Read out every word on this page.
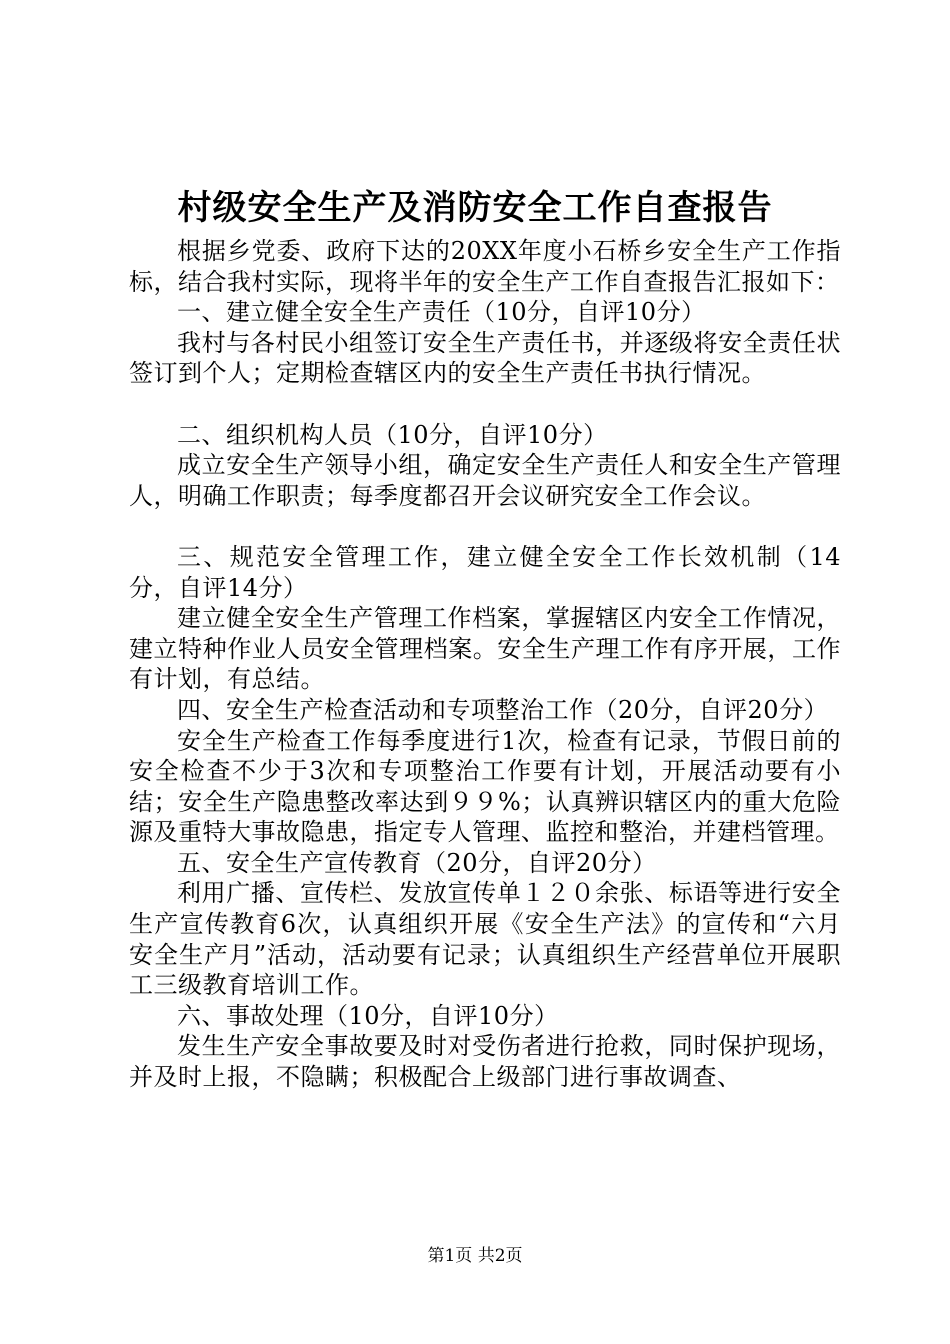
村级安全生产及消防安全工作自查报告

根据乡党委、政府下达的20XX年度小石桥乡安全生产工作指标，结合我村实际，现将半年的安全生产工作自查报告汇报如下：

一、建立健全安全生产责任（10分，自评10分）

我村与各村民小组签订安全生产责任书，并逐级将安全责任状签订到个人；定期检查辖区内的安全生产责任书执行情况。

二、组织机构人员（10分，自评10分）

成立安全生产领导小组，确定安全生产责任人和安全生产管理人，明确工作职责；每季度都召开会议研究安全工作会议。

三、规范安全管理工作，建立健全安全工作长效机制（14分，自评14分）

建立健全安全生产管理工作档案，掌握辖区内安全工作情况，建立特种作业人员安全管理档案。安全生产理工作有序开展，工作有计划，有总结。

四、安全生产检查活动和专项整治工作（20分，自评20分）

安全生产检查工作每季度进行1次，检查有记录，节假日前的安全检查不少于3次和专项整治工作要有计划，开展活动要有小结；安全生产隐患整改率达到９９%；认真辨识辖区内的重大危险源及重特大事故隐患，指定专人管理、监控和整治，并建档管理。

五、安全生产宣传教育（20分，自评20分）

利用广播、宣传栏、发放宣传单１２０余张、标语等进行安全生产宣传教育6次，认真组织开展《安全生产法》的宣传和“六月安全生产月”活动，活动要有记录；认真组织生产经营单位开展职工三级教育培训工作。

六、事故处理（10分，自评10分）

发生生产安全事故要及时对受伤者进行抢救，同时保护现场，并及时上报，不隐瞒；积极配合上级部门进行事故调查、

第1页 共2页
